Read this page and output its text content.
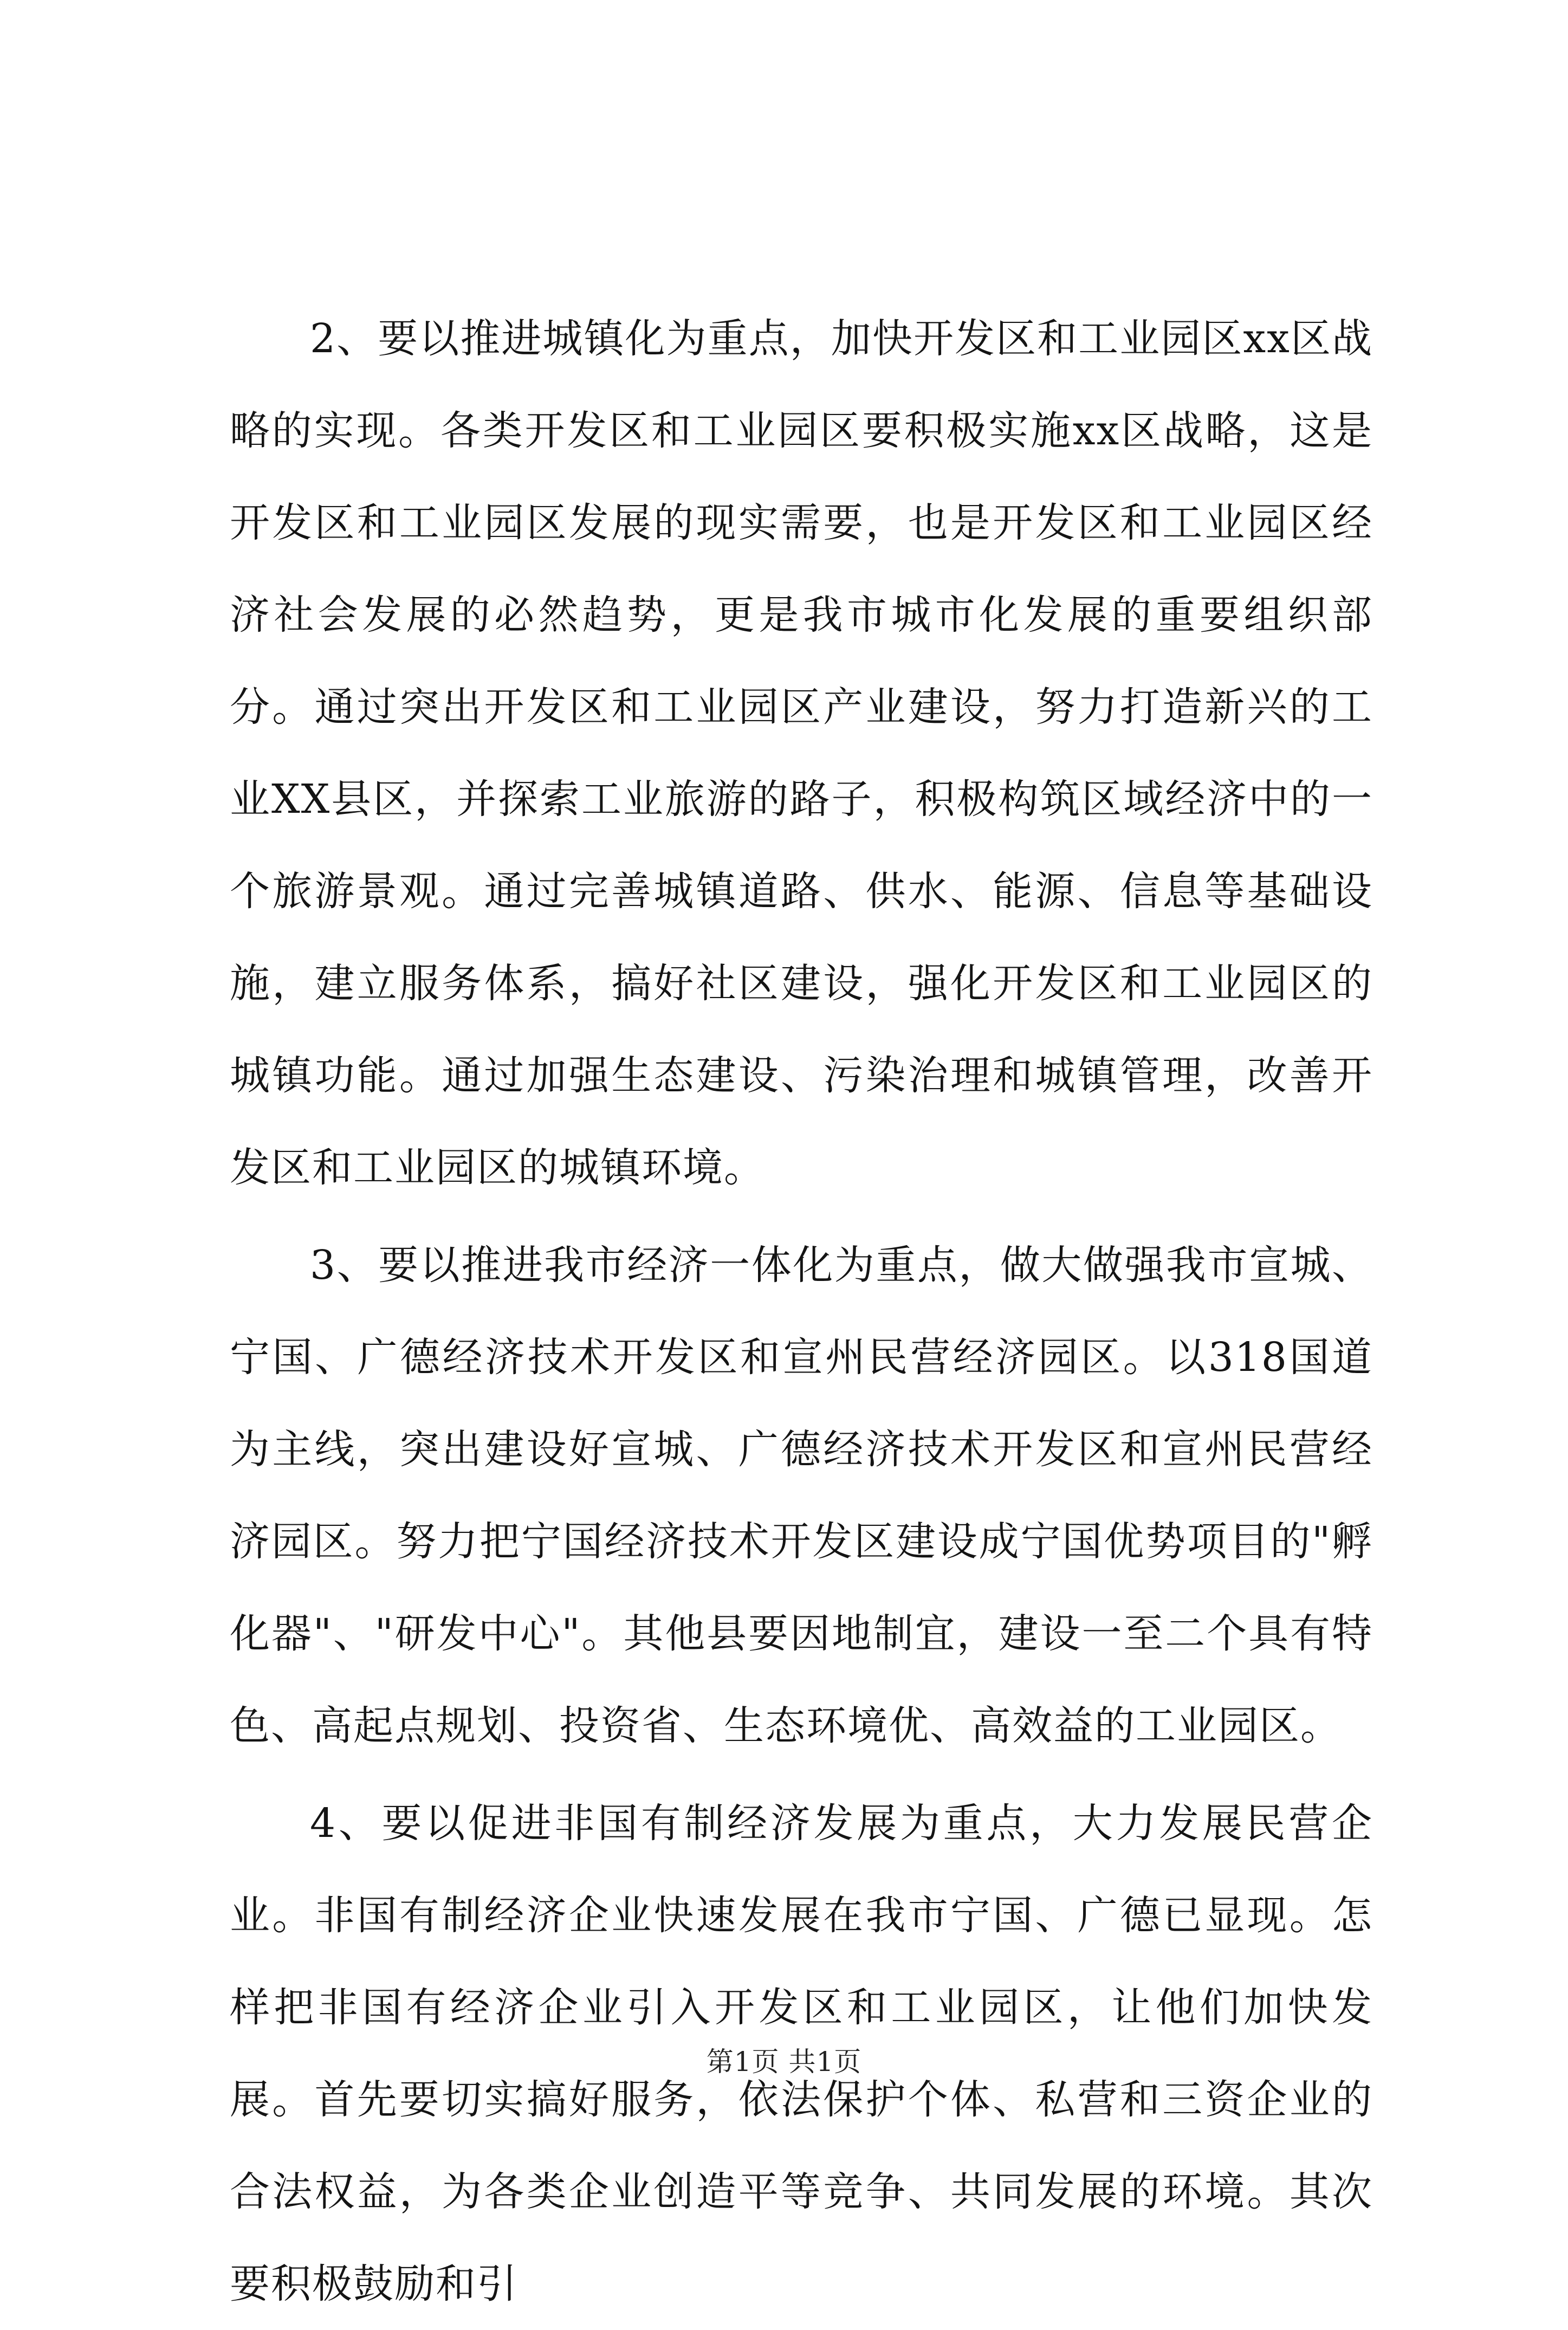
2、要以推进城镇化为重点，加快开发区和工业园区xx区战略的实现。各类开发区和工业园区要积极实施xx区战略，这是开发区和工业园区发展的现实需要，也是开发区和工业园区经济社会发展的必然趋势，更是我市城市化发展的重要组织部分。通过突出开发区和工业园区产业建设，努力打造新兴的工业XX县区，并探索工业旅游的路子，积极构筑区域经济中的一个旅游景观。通过完善城镇道路、供水、能源、信息等基础设施，建立服务体系，搞好社区建设，强化开发区和工业园区的城镇功能。通过加强生态建设、污染治理和城镇管理，改善开发区和工业园区的城镇环境。

3、要以推进我市经济一体化为重点，做大做强我市宣城、宁国、广德经济技术开发区和宣州民营经济园区。以318国道为主线，突出建设好宣城、广德经济技术开发区和宣州民营经济园区。努力把宁国经济技术开发区建设成宁国优势项目的"孵化器"、"研发中心"。其他县要因地制宜，建设一至二个具有特色、高起点规划、投资省、生态环境优、高效益的工业园区。

4、要以促进非国有制经济发展为重点，大力发展民营企业。非国有制经济企业快速发展在我市宁国、广德已显现。怎样把非国有经济企业引入开发区和工业园区，让他们加快发展。首先要切实搞好服务，依法保护个体、私营和三资企业的合法权益，为各类企业创造平等竞争、共同发展的环境。其次要积极鼓励和引

第1页 共1页
